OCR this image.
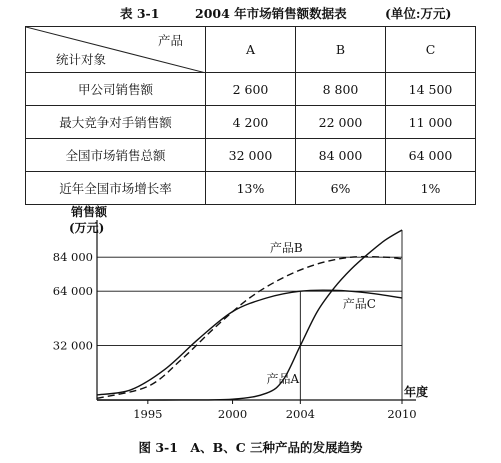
表 3-1	2004 年市场销售额数据表	(单位:万元)
产品
统计对象	A	B	C
甲公司销售额	2 600	8 800	14 500
最大竞争对手销售额	4 200	22 000	11 000
全国市场销售总额	32 000	84 000	64 000
近年全国市场增长率	13%	6%	1%
32 000
64 000
84 000
1995	2000	2004	2010
销售额
(万元)
年度
产品B
产品C
产品A
图 3-1　A、B、C 三种产品的发展趋势
